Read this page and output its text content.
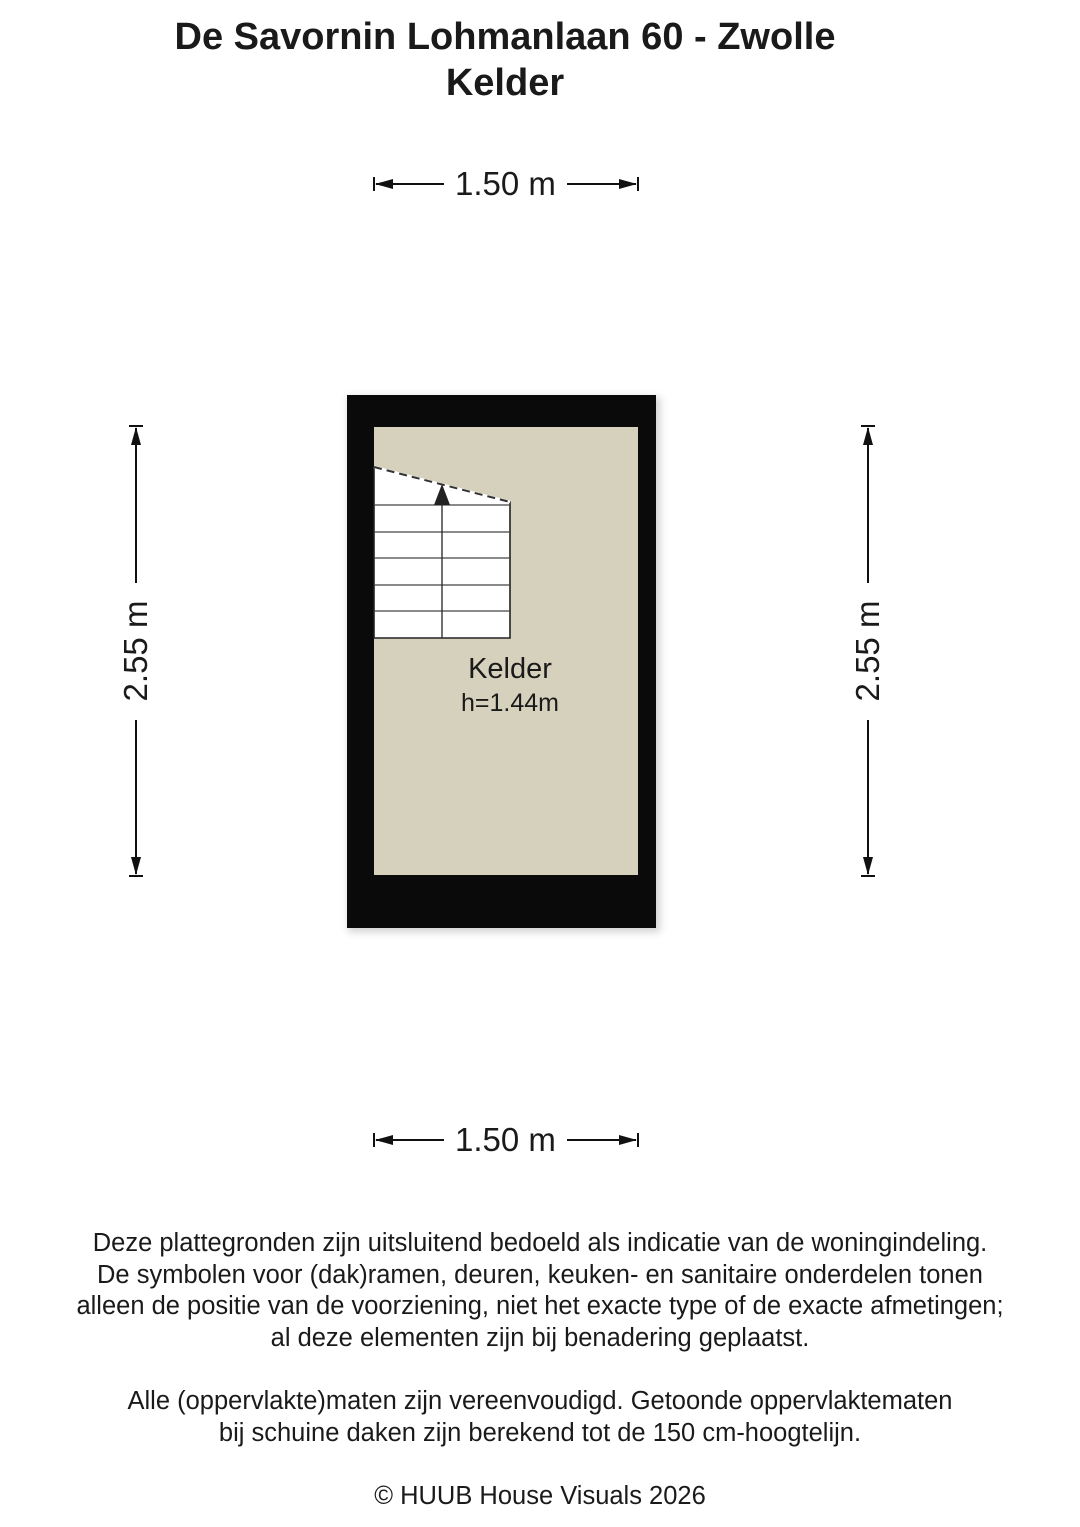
De Savornin Lohmanlaan 60 - Zwolle
Kelder
1.50 m
1.50 m
2.55 m	2.55 m
Kelder
h=1.44m
Deze plattegronden zijn uitsluitend bedoeld als indicatie van de woningindeling.
De symbolen voor (dak)ramen, deuren, keuken- en sanitaire onderdelen tonen
alleen de positie van de voorziening, niet het exacte type of de exacte afmetingen;
al deze elementen zijn bij benadering geplaatst.
Alle (oppervlakte)maten zijn vereenvoudigd. Getoonde oppervlaktematen
bij schuine daken zijn berekend tot de 150 cm-hoogtelijn.
© HUUB House Visuals 2026
